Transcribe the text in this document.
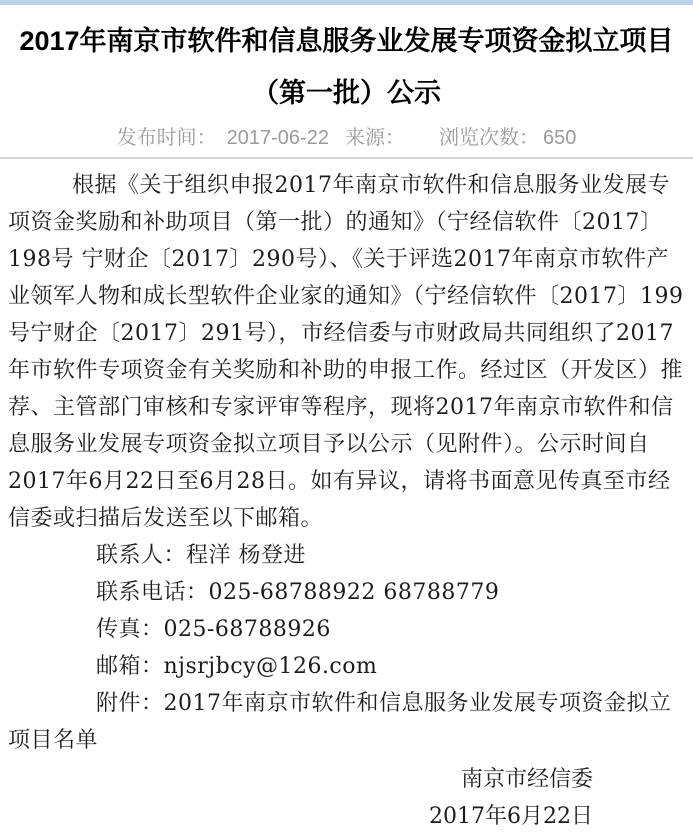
2017年南京市软件和信息服务业发展专项资金拟立项目
（第一批）公示
发布时间： 2017-06-22 来源： 浏览次数： 650

根据《关于组织申报2017年南京市软件和信息服务业发展专项资金奖励和补助项目（第一批）的通知》（宁经信软件〔2017〕198号 宁财企〔2017〕290号）、《关于评选2017年南京市软件产业领军人物和成长型软件企业家的通知》（宁经信软件〔2017〕199号宁财企〔2017〕291号），市经信委与市财政局共同组织了2017年市软件专项资金有关奖励和补助的申报工作。经过区（开发区）推荐、主管部门审核和专家评审等程序，现将2017年南京市软件和信息服务业发展专项资金拟立项目予以公示（见附件）。公示时间自2017年6月22日至6月28日。如有异议，请将书面意见传真至市经信委或扫描后发送至以下邮箱。

联系人：程洋 杨登进

联系电话：025-68788922 68788779

传真：025-68788926

邮箱：njsrjbcy@126.com

附件：2017年南京市软件和信息服务业发展专项资金拟立项目名单

南京市经信委

2017年6月22日
